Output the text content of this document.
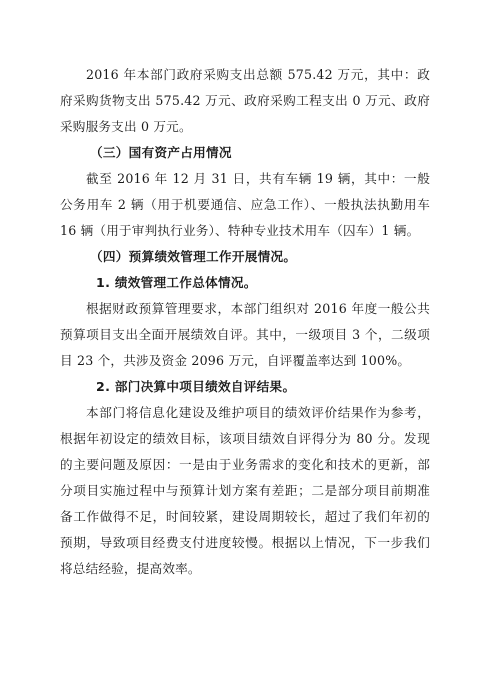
2016 年本部门政府采购支出总额 575.42 万元，其中：政府采购货物支出 575.42 万元、政府采购工程支出 0 万元、政府采购服务支出 0 万元。

（三）国有资产占用情况

截至 2016 年 12 月 31 日，共有车辆 19 辆，其中：一般公务用车 2 辆（用于机要通信、应急工作）、一般执法执勤用车 16 辆（用于审判执行业务）、特种专业技术用车（囚车）1 辆。

（四）预算绩效管理工作开展情况。

1. 绩效管理工作总体情况。

根据财政预算管理要求，本部门组织对 2016 年度一般公共预算项目支出全面开展绩效自评。其中，一级项目 3 个，二级项目 23 个，共涉及资金 2096 万元，自评覆盖率达到 100%。

2. 部门决算中项目绩效自评结果。

本部门将信息化建设及维护项目的绩效评价结果作为参考，根据年初设定的绩效目标，该项目绩效自评得分为 80 分。发现的主要问题及原因：一是由于业务需求的变化和技术的更新，部分项目实施过程中与预算计划方案有差距；二是部分项目前期准备工作做得不足，时间较紧，建设周期较长，超过了我们年初的预期，导致项目经费支付进度较慢。根据以上情况，下一步我们将总结经验，提高效率。
